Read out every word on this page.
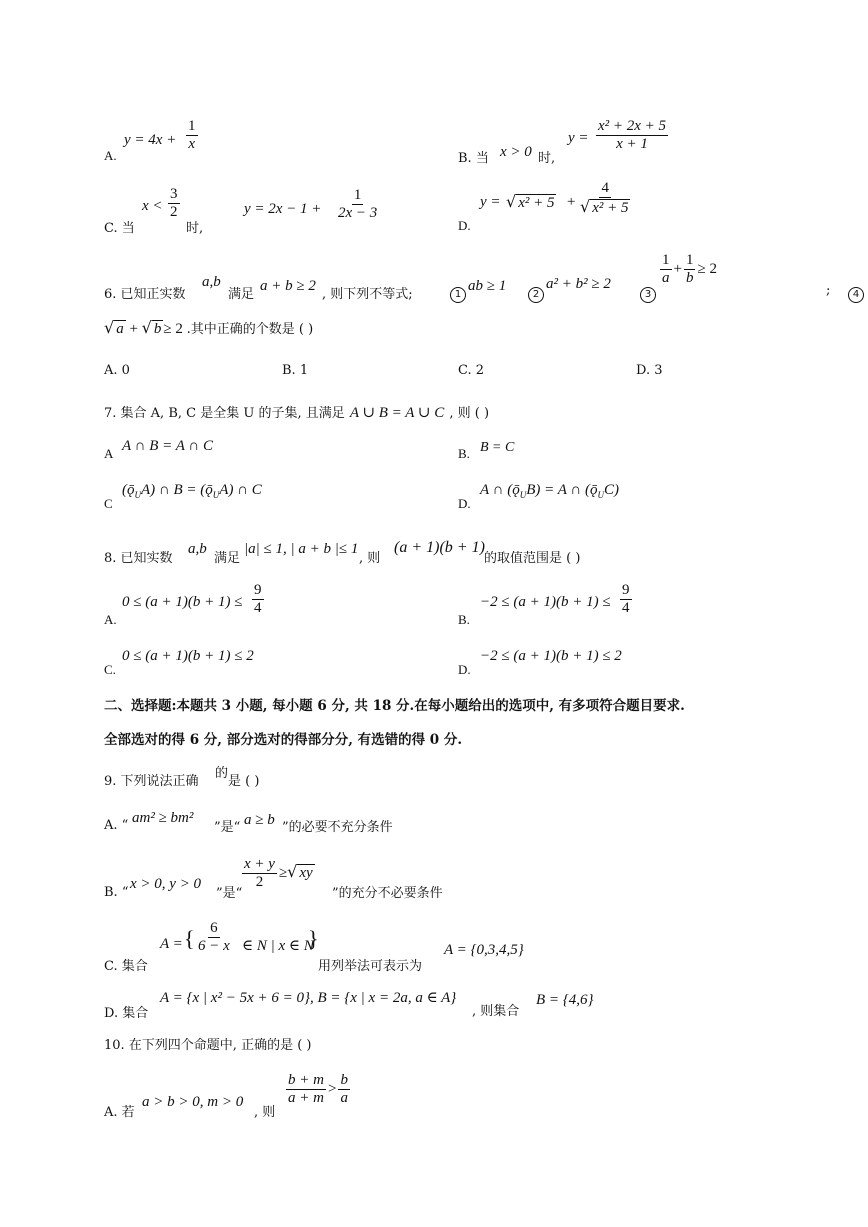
$y = 4x + \frac{1}{x}$
A.	B. 当 x > 0 时,
$y = \frac{\text{x² + 2x + 5}}{x + 1}$
C. 当
$x < \frac{3}{2}$
时,
$y = 2x - 1 + \frac{1}{2x - 3}$
D.
y = √ $x^2 + 5 + \frac{4}{\text{√ x² + 5}}$
6. 已知正实数
a,b
满足
a + b ≥ 2
, 则下列不等式;	1
ab ≥ 1
2
a² + b² ≥ 2
3
$\frac{1}{a} + \frac{1}{b} \ge 2$
;	4
√ a + √ b ≥ 2 .其中正确的个数是 ( )
A. 0	B. 1	C. 2	D. 3
7. 集合 A, B, C 是全集 U 的子集, 且满足 A ∪ B = A ∪ C , 则 ( )
A A ∩ B = A ∩ C	B. B = C
C
$(ǭ_UA)$ ∩ $B = (ǭ_UA)$ ∩ C
D.
A ∩ $(ǭ_UB) = A$ ∩ $(ǭ_UC)$
8. 已知实数
a,b
满足
|a| ≤ 1, | a + b |≤ 1
, 则
(a + 1)(b + 1)
的取值范围是 ( )
A.
$0 \le (a + 1)(b + 1) \le \frac{9}{4}$
B.
$-2 \le (a + 1)(b + 1) \le \frac{9}{4}$
C.
0 ≤ (a + 1)(b + 1) ≤ 2
D.
−2 ≤ (a + 1)(b + 1) ≤ 2
二、选择题:本题共 3 小题, 每小题 6 分, 共 18 分.在每小题给出的选项中, 有多项符合题目要求.
全部选对的得 6 分, 部分选对的得部分分, 有选错的得 0 分.
9. 下列说法正确
的
是 ( )
A. “ am² ≥ bm²
”是“ a ≥ b ”的必要不充分条件
B. “
x > 0, y > 0
”是“
$\frac{x + y}{2}$ ≥√ xy
”的充分不必要条件
C. 集合
A = { $\frac{6}{6 - x}$ ∈ N | x ∈ N
}
用列举法可表示为
A = {0,3,4,5}
D. 集合
A = {x | x² − 5x + 6 = 0}, B = {x | x = 2a, a ∈ A}
, 则集合
B = {4,6}
10. 在下列四个命题中, 正确的是 ( )
A. 若
a > b > 0, m > 0
, 则
$\frac{b + m}{a + m} > \frac{b}{a}$
